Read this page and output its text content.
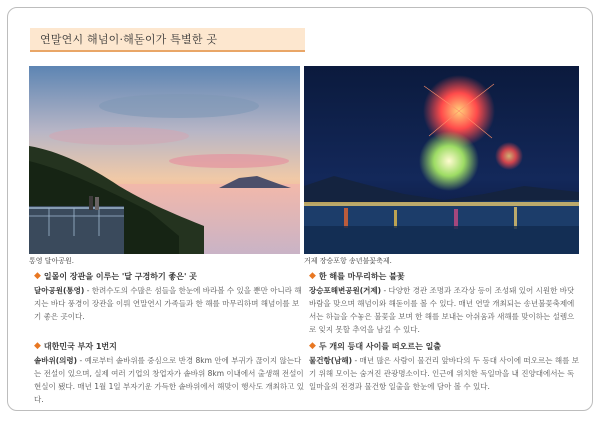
연말연시 해넘이·해돋이가 특별한 곳
통영 달아공원.	거제 장승포항 송년불꽃축제.
◆ 일몰이 장관을 이루는 '달 구경하기 좋은' 곳
달아공원(통영) - 한려수도의 수많은 섬들을 한눈에 바라볼 수 있을 뿐만 아니라 해지는 바다 풍경이 장관을 이뤄 연말연시 가족들과 한 해를 마무리하며 해넘이를 보기 좋은 곳이다.
◆ 대한민국 부자 1번지
솥바위(의령) - 예로부터 솥바위를 중심으로 반경 8km 안에 부귀가 끊이지 않는다는 전설이 있으며, 실제 여러 기업의 창업자가 솥바위 8km 이내에서 출생해 전설이 현실이 됐다. 매년 1월 1일 부자기운 가득한 솥바위에서 해맞이 행사도 개최하고 있다.
◆ 한 해를 마무리하는 불꽃
장승포해변공원(거제) - 다양한 경관 조명과 조각상 등이 조성돼 있어 시원한 바닷 바람을 맞으며 해넘이와 해돋이를 볼 수 있다. 매년 연말 개최되는 송년불꽃축제에서는 하늘을 수놓은 불꽃을 보며 한 해를 보내는 아쉬움과 새해를 맞이하는 설렘으로 잊지 못할 추억을 남길 수 있다.
◆ 두 개의 등대 사이를 떠오르는 일출
물건항(남해) - 매년 많은 사람이 물건리 앞바다의 두 등대 사이에 떠오르는 해를 보기 위해 모이는 숨겨진 관광명소이다. 인근에 위치한 독일마을 내 진양대에서는 독일마을의 전경과 물건항 일출을 한눈에 담아 볼 수 있다.
